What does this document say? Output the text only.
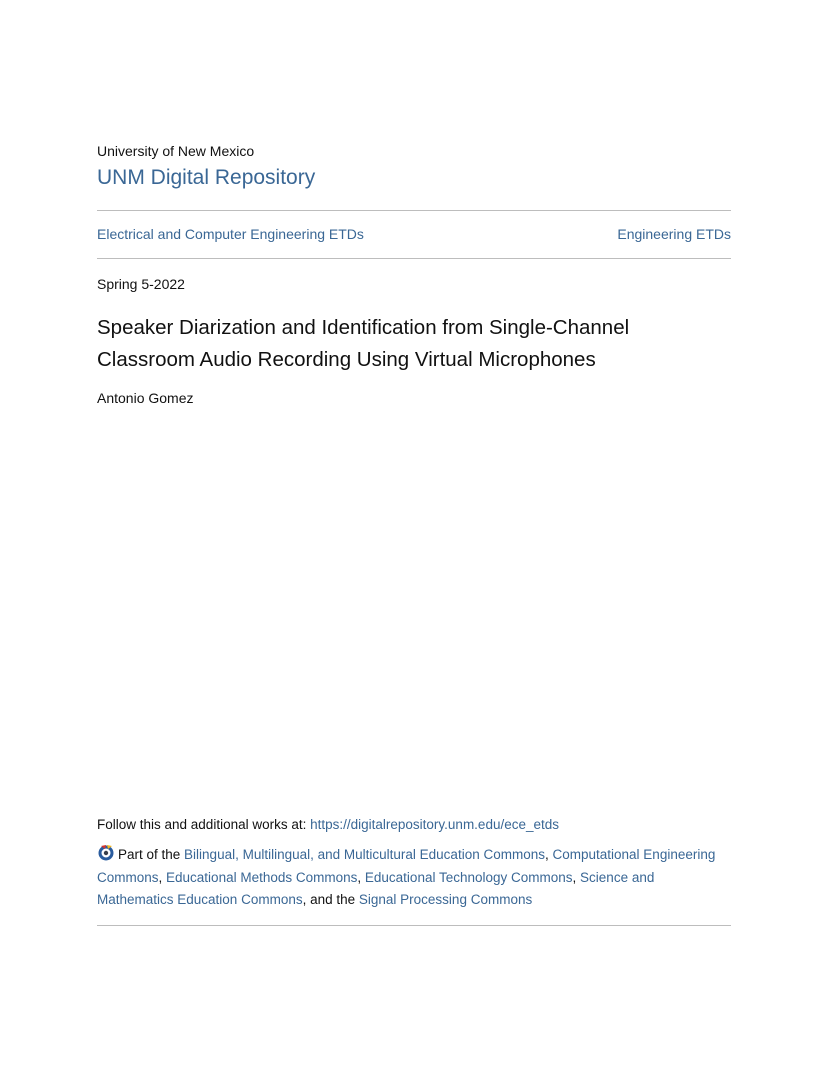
University of New Mexico
UNM Digital Repository
Electrical and Computer Engineering ETDs	Engineering ETDs
Spring 5-2022
Speaker Diarization and Identification from Single-Channel
Classroom Audio Recording Using Virtual Microphones
Antonio Gomez
Follow this and additional works at: https://digitalrepository.unm.edu/ece_etds
Part of the Bilingual, Multilingual, and Multicultural Education Commons, Computational Engineering Commons, Educational Methods Commons, Educational Technology Commons, Science and Mathematics Education Commons, and the Signal Processing Commons
